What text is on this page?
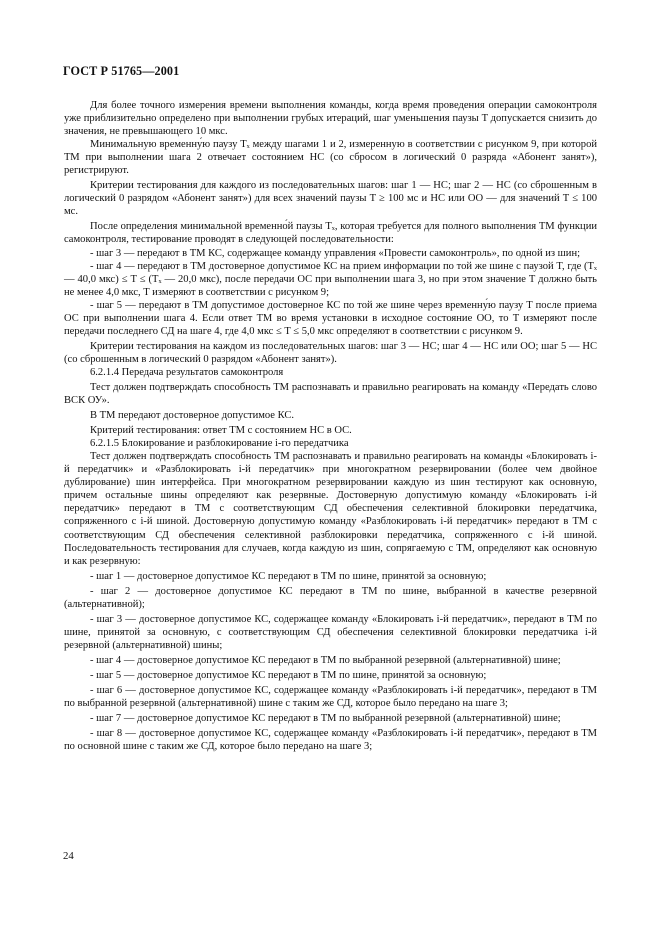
ГОСТ Р 51765—2001

Для более точного измерения времени выполнения команды, когда время проведения операции самоконтроля уже приблизительно определено при выполнении грубых итераций, шаг уменьшения паузы T допускается снизить до значения, не превышающего 10 мкс.

Минимальную временну́ю паузу Tₓ между шагами 1 и 2, измеренную в соответствии с рисунком 9, при которой ТМ при выполнении шага 2 отвечает состоянием НС (со сбросом в логический 0 разряда «Абонент занят»), регистрируют.

Критерии тестирования для каждого из последовательных шагов: шаг 1 — НС; шаг 2 — НС (со сброшенным в логический 0 разрядом «Абонент занят») для всех значений паузы T ≥ 100 мс и НС или ОО — для значений T ≤ 100 мс.

После определения минимальной временно́й паузы Tₓ, которая требуется для полного выполнения ТМ функции самоконтроля, тестирование проводят в следующей последовательности:

- шаг 3 — передают в ТМ КС, содержащее команду управления «Провести самоконтроль», по одной из шин;

- шаг 4 — передают в ТМ достоверное допустимое КС на прием информации по той же шине с паузой T, где (Tₓ — 40,0 мкс) ≤ T ≤ (Tₓ — 20,0 мкс), после передачи ОС при выполнении шага 3, но при этом значение T должно быть не менее 4,0 мкс, T измеряют в соответствии с рисунком 9;

- шаг 5 — передают в ТМ допустимое достоверное КС по той же шине через временну́ю паузу T после приема ОС при выполнении шага 4. Если ответ ТМ во время установки в исходное состояние ОО, то T измеряют после передачи последнего СД на шаге 4, где 4,0 мкс ≤ T ≤ 5,0 мкс определяют в соответствии с рисунком 9.

Критерии тестирования на каждом из последовательных шагов: шаг 3 — НС; шаг 4 — НС или ОО; шаг 5 — НС (со сброшенным в логический 0 разрядом «Абонент занят»).

6.2.1.4 Передача результатов самоконтроля

Тест должен подтверждать способность ТМ распознавать и правильно реагировать на команду «Передать слово ВСК ОУ».

В ТМ передают достоверное допустимое КС.

Критерий тестирования: ответ ТМ с состоянием НС в ОС.

6.2.1.5 Блокирование и разблокирование i-го передатчика

Тест должен подтверждать способность ТМ распознавать и правильно реагировать на команды «Блокировать i-й передатчик» и «Разблокировать i-й передатчик» при многократном резервировании (более чем двойное дублирование) шин интерфейса. При многократном резервировании каждую из шин тестируют как основную, причем остальные шины определяют как резервные. Достоверную допустимую команду «Блокировать i-й передатчик» передают в ТМ с соответствующим СД обеспечения селективной блокировки передатчика, сопряженного с i-й шиной. Достоверную допустимую команду «Разблокировать i-й передатчик» передают в ТМ с соответствующим СД обеспечения селективной разблокировки передатчика, сопряженного с i-й шиной. Последовательность тестирования для случаев, когда каждую из шин, сопрягаемую с ТМ, определяют как основную и как резервную:

- шаг 1 — достоверное допустимое КС передают в ТМ по шине, принятой за основную;

- шаг 2 — достоверное допустимое КС передают в ТМ по шине, выбранной в качестве резервной (альтернативной);

- шаг 3 — достоверное допустимое КС, содержащее команду «Блокировать i-й передатчик», передают в ТМ по шине, принятой за основную, с соответствующим СД обеспечения селективной блокировки передатчика i-й резервной (альтернативной) шины;

- шаг 4 — достоверное допустимое КС передают в ТМ по выбранной резервной (альтернативной) шине;

- шаг 5 — достоверное допустимое КС передают в ТМ по шине, принятой за основную;

- шаг 6 — достоверное допустимое КС, содержащее команду «Разблокировать i-й передатчик», передают в ТМ по выбранной резервной (альтернативной) шине с таким же СД, которое было передано на шаге 3;

- шаг 7 — достоверное допустимое КС передают в ТМ по выбранной резервной (альтернативной) шине;

- шаг 8 — достоверное допустимое КС, содержащее команду «Разблокировать i-й передатчик», передают в ТМ по основной шине с таким же СД, которое было передано на шаге 3;

24
